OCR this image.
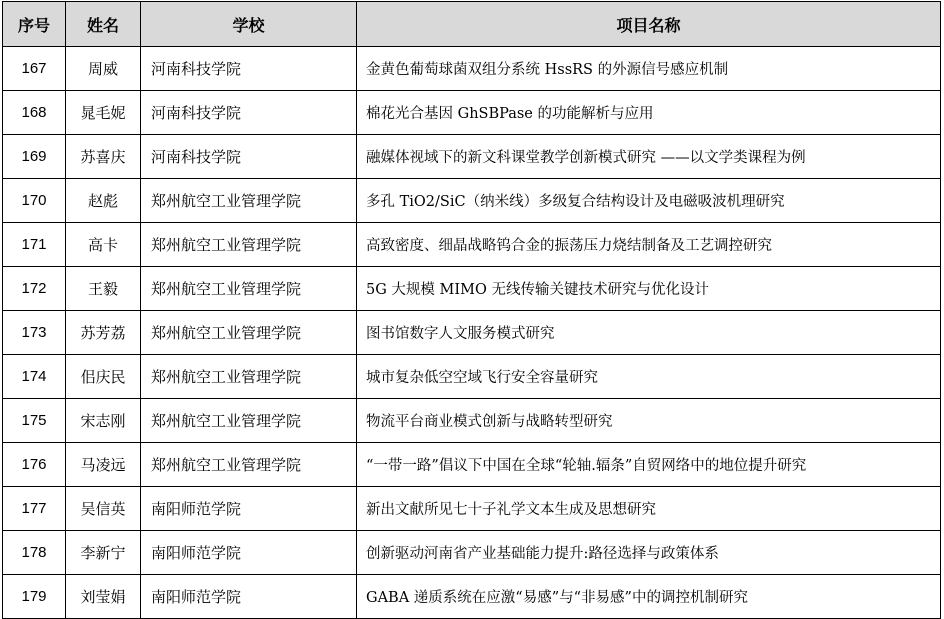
序号	姓名	学校	项目名称
167	周威	河南科技学院	金黄色葡萄球菌双组分系统 HssRS 的外源信号感应机制
168	晁毛妮	河南科技学院	棉花光合基因 GhSBPase 的功能解析与应用
169	苏喜庆	河南科技学院	融媒体视域下的新文科课堂教学创新模式研究 ——以文学类课程为例
170	赵彪	郑州航空工业管理学院	多孔 TiO2/SiC（纳米线）多级复合结构设计及电磁吸波机理研究
171	高卡	郑州航空工业管理学院	高致密度、细晶战略钨合金的振荡压力烧结制备及工艺调控研究
172	王毅	郑州航空工业管理学院	5G 大规模 MIMO 无线传输关键技术研究与优化设计
173	苏芳荔	郑州航空工业管理学院	图书馆数字人文服务模式研究
174	佀庆民	郑州航空工业管理学院	城市复杂低空空域飞行安全容量研究
175	宋志刚	郑州航空工业管理学院	物流平台商业模式创新与战略转型研究
176	马凌远	郑州航空工业管理学院	“一带一路”倡议下中国在全球“轮轴.辐条”自贸网络中的地位提升研究
177	吴信英	南阳师范学院	新出文献所见七十子礼学文本生成及思想研究
178	李新宁	南阳师范学院	创新驱动河南省产业基础能力提升:路径选择与政策体系
179	刘莹娟	南阳师范学院	GABA 递质系统在应激“易感”与“非易感”中的调控机制研究
